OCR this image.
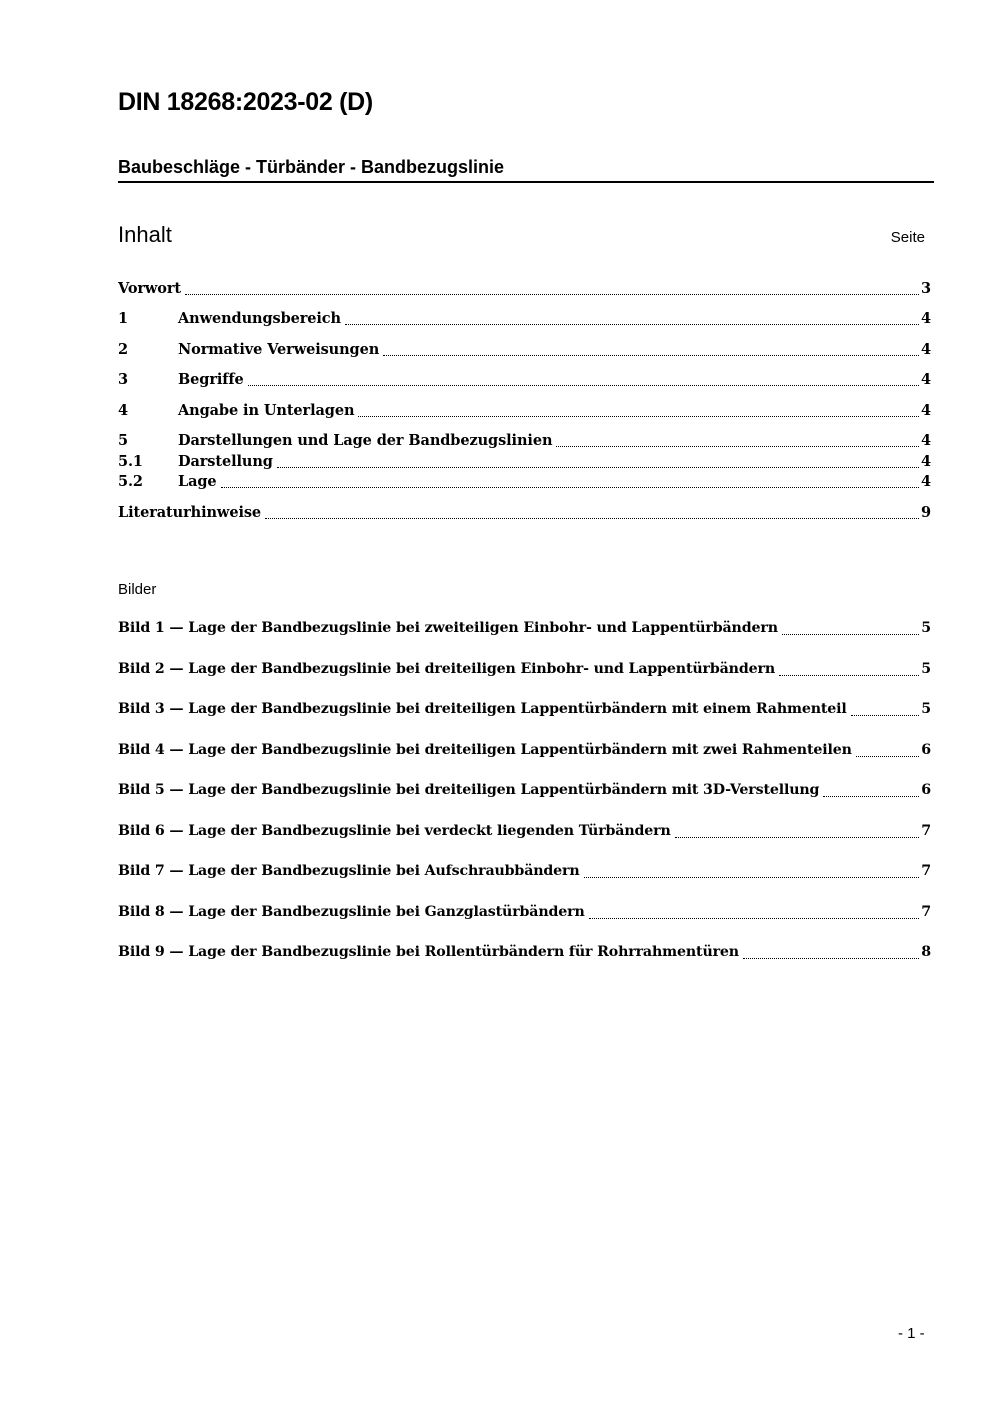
DIN 18268:2023-02 (D)
Baubeschläge - Türbänder - Bandbezugslinie
Inhalt	Seite
Vorwort	3
1	Anwendungsbereich	4
2	Normative Verweisungen	4
3	Begriffe	4
4	Angabe in Unterlagen	4
5	Darstellungen und Lage der Bandbezugslinien	4
5.1	Darstellung	4
5.2	Lage	4
Literaturhinweise	9
Bilder
Bild 1 — Lage der Bandbezugslinie bei zweiteiligen Einbohr- und Lappentürbändern	5
Bild 2 — Lage der Bandbezugslinie bei dreiteiligen Einbohr- und Lappentürbändern	5
Bild 3 — Lage der Bandbezugslinie bei dreiteiligen Lappentürbändern mit einem Rahmenteil	5
Bild 4 — Lage der Bandbezugslinie bei dreiteiligen Lappentürbändern mit zwei Rahmenteilen	6
Bild 5 — Lage der Bandbezugslinie bei dreiteiligen Lappentürbändern mit 3D-Verstellung	6
Bild 6 — Lage der Bandbezugslinie bei verdeckt liegenden Türbändern	7
Bild 7 — Lage der Bandbezugslinie bei Aufschraubbändern	7
Bild 8 — Lage der Bandbezugslinie bei Ganzglastürbändern	7
Bild 9 — Lage der Bandbezugslinie bei Rollentürbändern für Rohrrahmentüren	8
- 1 -
